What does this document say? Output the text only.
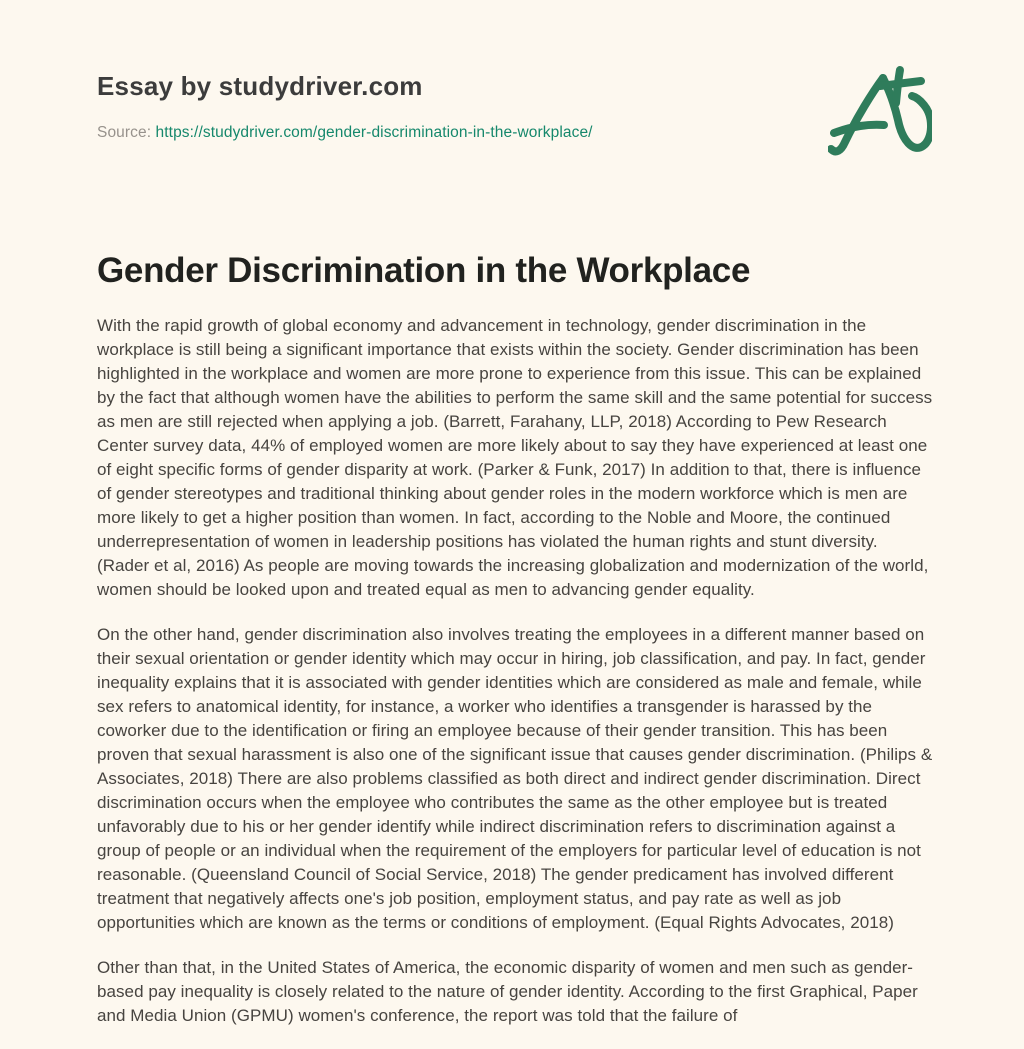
Essay by studydriver.com
Source: https://studydriver.com/gender-discrimination-in-the-workplace/
Gender Discrimination in the Workplace

With the rapid growth of global economy and advancement in technology, gender discrimination in the workplace is still being a significant importance that exists within the society. Gender discrimination has been highlighted in the workplace and women are more prone to experience from this issue. This can be explained by the fact that although women have the abilities to perform the same skill and the same potential for success as men are still rejected when applying a job. (Barrett, Farahany, LLP, 2018) According to Pew Research Center survey data, 44% of employed women are more likely about to say they have experienced at least one of eight specific forms of gender disparity at work. (Parker & Funk, 2017) In addition to that, there is influence of gender stereotypes and traditional thinking about gender roles in the modern workforce which is men are more likely to get a higher position than women. In fact, according to the Noble and Moore, the continued underrepresentation of women in leadership positions has violated the human rights and stunt diversity. (Rader et al, 2016) As people are moving towards the increasing globalization and modernization of the world, women should be looked upon and treated equal as men to advancing gender equality.

On the other hand, gender discrimination also involves treating the employees in a different manner based on their sexual orientation or gender identity which may occur in hiring, job classification, and pay. In fact, gender inequality explains that it is associated with gender identities which are considered as male and female, while sex refers to anatomical identity, for instance, a worker who identifies a transgender is harassed by the coworker due to the identification or firing an employee because of their gender transition. This has been proven that sexual harassment is also one of the significant issue that causes gender discrimination. (Philips & Associates, 2018) There are also problems classified as both direct and indirect gender discrimination. Direct discrimination occurs when the employee who contributes the same as the other employee but is treated unfavorably due to his or her gender identify while indirect discrimination refers to discrimination against a group of people or an individual when the requirement of the employers for particular level of education is not reasonable. (Queensland Council of Social Service, 2018) The gender predicament has involved different treatment that negatively affects one's job position, employment status, and pay rate as well as job opportunities which are known as the terms or conditions of employment. (Equal Rights Advocates, 2018)

Other than that, in the United States of America, the economic disparity of women and men such as gender-based pay inequality is closely related to the nature of gender identity. According to the first Graphical, Paper and Media Union (GPMU) women's conference, the report was told that the failure of
